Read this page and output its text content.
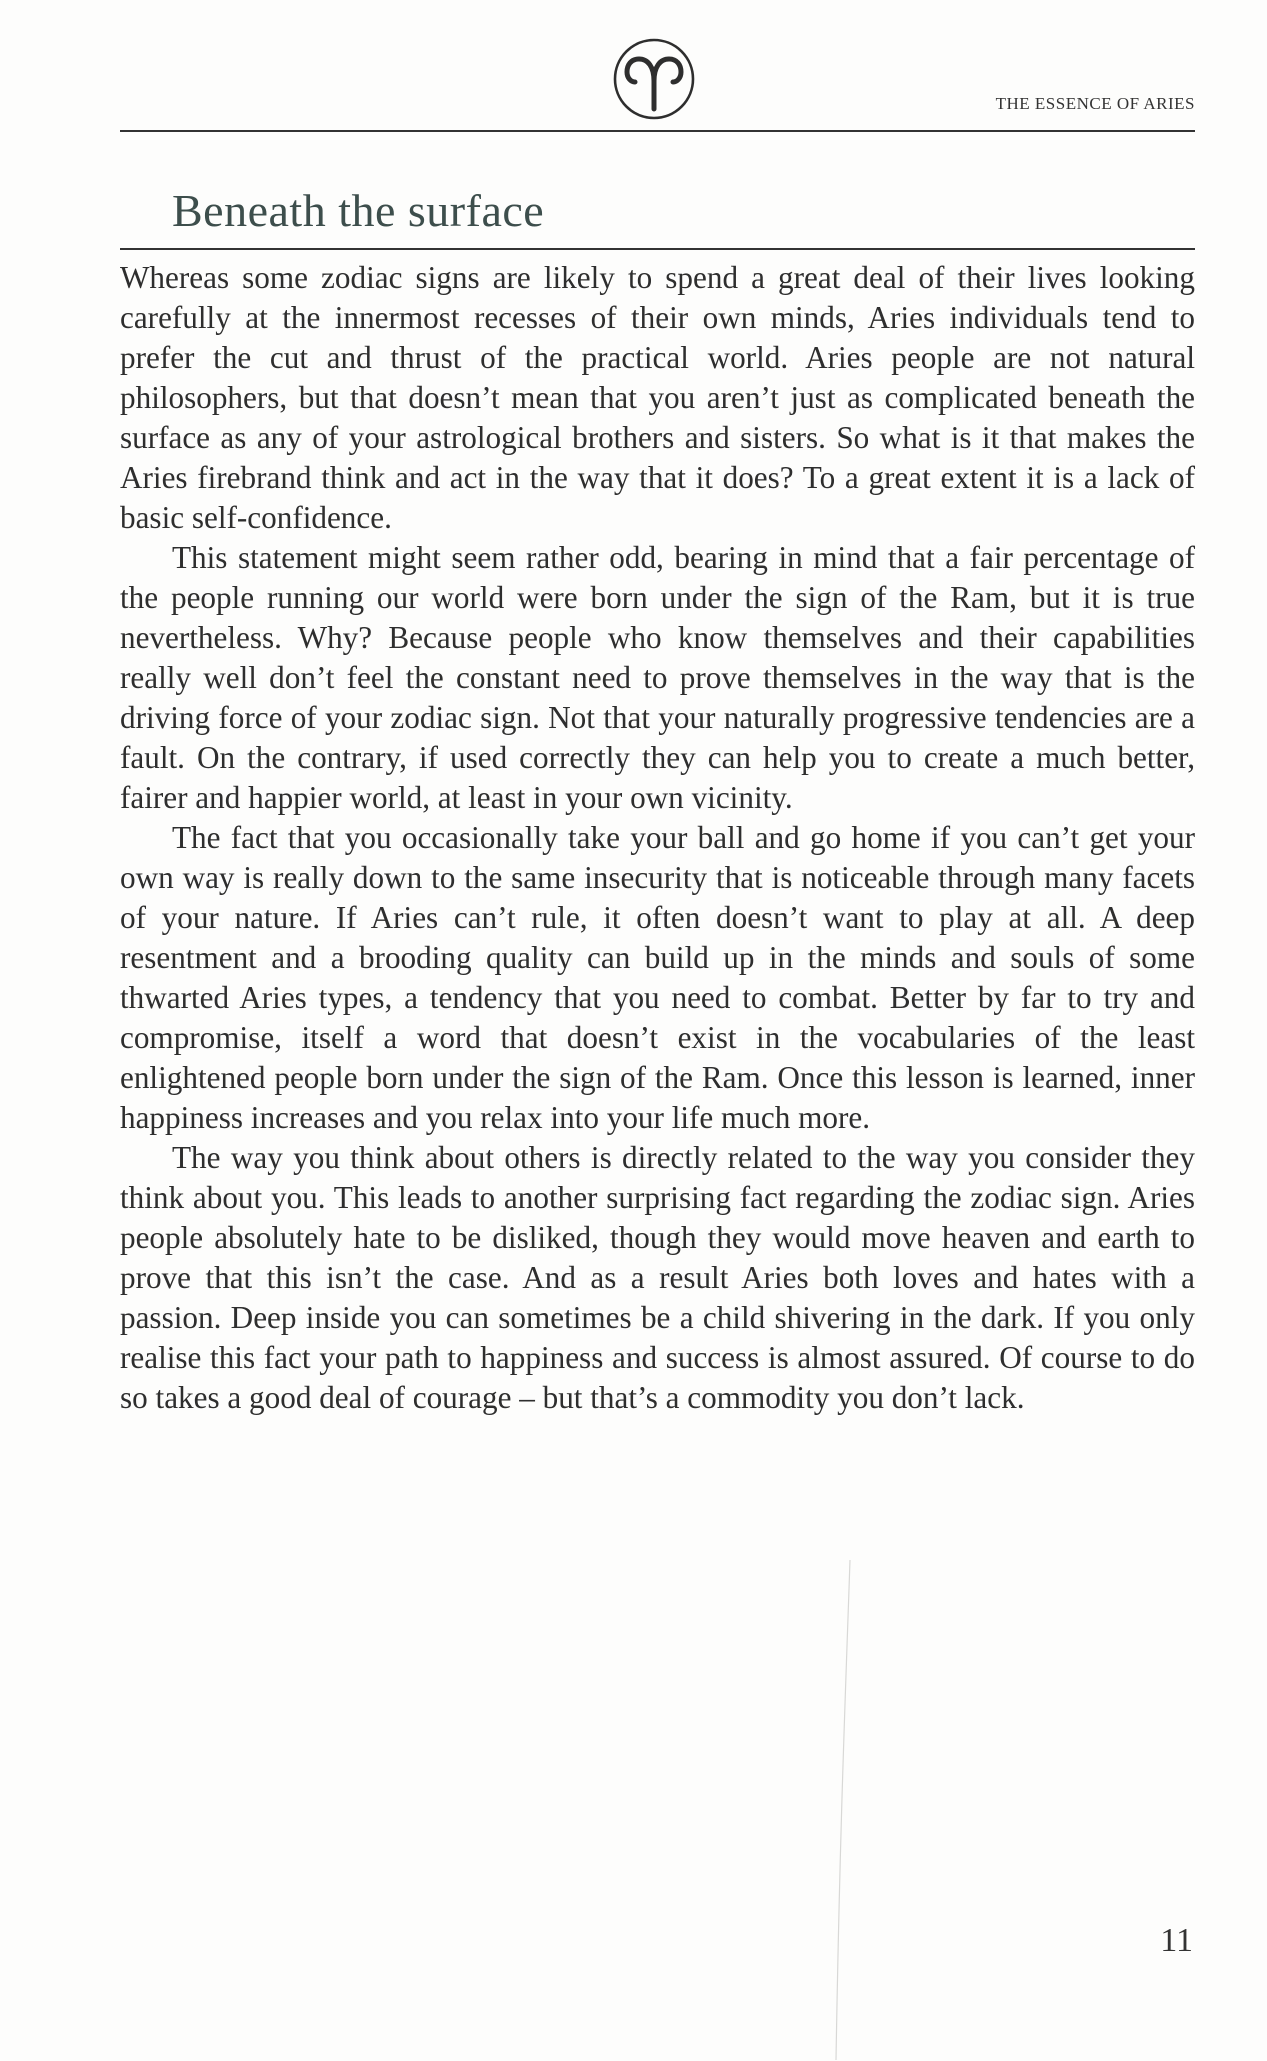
THE ESSENCE OF ARIES
Beneath the surface

Whereas some zodiac signs are likely to spend a great deal of their lives looking carefully at the innermost recesses of their own minds, Aries individuals tend to prefer the cut and thrust of the practical world. Aries people are not natural philosophers, but that doesn’t mean that you aren’t just as complicated beneath the surface as any of your astrological brothers and sisters. So what is it that makes the Aries firebrand think and act in the way that it does? To a great extent it is a lack of basic self-confidence.

This statement might seem rather odd, bearing in mind that a fair percentage of the people running our world were born under the sign of the Ram, but it is true nevertheless. Why? Because people who know themselves and their capabilities really well don’t feel the constant need to prove themselves in the way that is the driving force of your zodiac sign. Not that your naturally progressive tendencies are a fault. On the contrary, if used correctly they can help you to create a much better, fairer and happier world, at least in your own vicinity.

The fact that you occasionally take your ball and go home if you can’t get your own way is really down to the same insecurity that is noticeable through many facets of your nature. If Aries can’t rule, it often doesn’t want to play at all. A deep resentment and a brooding quality can build up in the minds and souls of some thwarted Aries types, a tendency that you need to combat. Better by far to try and compromise, itself a word that doesn’t exist in the vocabularies of the least enlightened people born under the sign of the Ram. Once this lesson is learned, inner happiness increases and you relax into your life much more.

The way you think about others is directly related to the way you consider they think about you. This leads to another surprising fact regarding the zodiac sign. Aries people absolutely hate to be disliked, though they would move heaven and earth to prove that this isn’t the case. And as a result Aries both loves and hates with a passion. Deep inside you can sometimes be a child shivering in the dark. If you only realise this fact your path to happiness and success is almost assured. Of course to do so takes a good deal of courage – but that’s a commodity you don’t lack.

11
